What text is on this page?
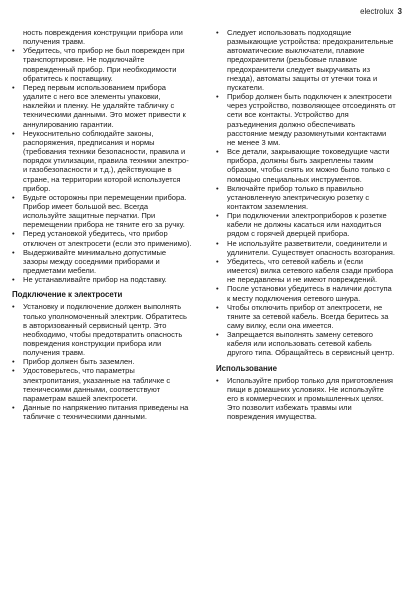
electrolux 3
ность повреждения конструкции прибора или получения травм.
• Убедитесь, что прибор не был поврежден при транспортировке. Не подключайте поврежденный прибор. При необходимости обратитесь к поставщику.
• Перед первым использованием прибора удалите с него все элементы упаковки, наклейки и пленку. Не удаляйте табличку с техническими данными. Это может привести к аннулированию гарантии.
• Неукоснительно соблюдайте законы, распоряжения, предписания и нормы (требования техники безопасности, правила и порядок утилизации, правила техники электро- и газобезопасности и т.д.), действующие в стране, на территории которой используется прибор.
• Будьте осторожны при перемещении прибора. Прибор имеет большой вес. Всегда используйте защитные перчатки. При перемещении прибора не тяните его за ручку.
• Перед установкой убедитесь, что прибор отключен от электросети (если это применимо).
• Выдерживайте минимально допустимые зазоры между соседними приборами и предметами мебели.
• Не устанавливайте прибор на подставку.
Подключение к электросети
• Установку и подключение должен выполнять только уполномоченный электрик. Обратитесь в авторизованный сервисный центр. Это необходимо, чтобы предотвратить опасность повреждения конструкции прибора или получения травм.
• Прибор должен быть заземлен.
• Удостоверьтесь, что параметры электропитания, указанные на табличке с техническими данными, соответствуют параметрам вашей электросети.
• Данные по напряжению питания приведены на табличке с техническими данными.
• Следует использовать подходящие размыкающие устройства: предохранительные автоматические выключатели, плавкие предохранители (резьбовые плавкие предохранители следует выкручивать из гнезда), автоматы защиты от утечки тока и пускатели.
• Прибор должен быть подключен к электросети через устройство, позволяющее отсоединять от сети все контакты. Устройство для разъединения должно обеспечивать расстояние между разомкнутыми контактами не менее 3 мм.
• Все детали, закрывающие токоведущие части прибора, должны быть закреплены таким образом, чтобы снять их можно было только с помощью специальных инструментов.
• Включайте прибор только в правильно установленную электрическую розетку с контактом заземления.
• При подключении электроприборов к розетке кабели не должны касаться или находиться рядом с горячей дверцей прибора.
• Не используйте разветвители, соединители и удлинители. Существует опасность возгорания.
• Убедитесь, что сетевой кабель и (если имеется) вилка сетевого кабеля сзади прибора не передавлены и не имеют повреждений.
• После установки убедитесь в наличии доступа к месту подключения сетевого шнура.
• Чтобы отключить прибор от электросети, не тяните за сетевой кабель. Всегда беритесь за саму вилку, если она имеется.
• Запрещается выполнять замену сетевого кабеля или использовать сетевой кабель другого типа. Обращайтесь в сервисный центр.
Использование
• Используйте прибор только для приготовления пищи в домашних условиях. Не используйте его в коммерческих и промышленных целях. Это позволит избежать травмы или повреждения имущества.
